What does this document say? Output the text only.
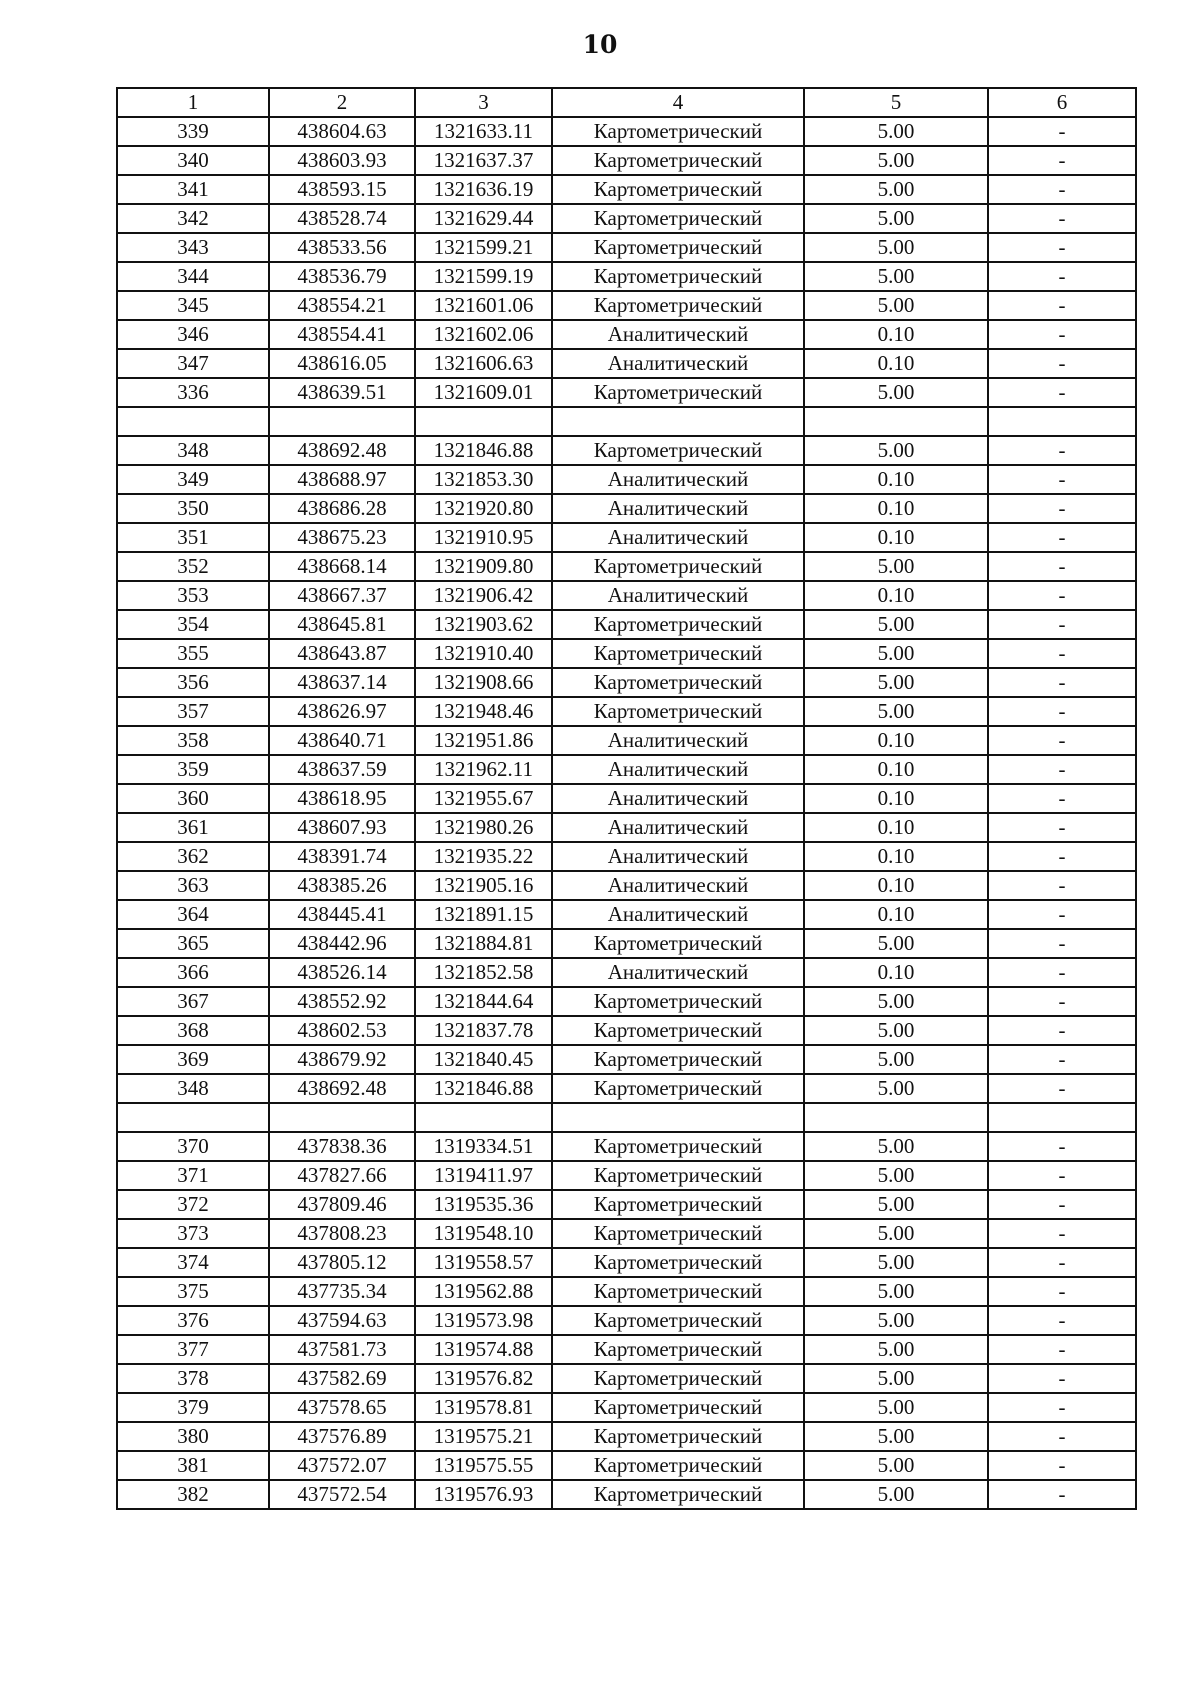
10
1	2	3	4	5	6
339	438604.63	1321633.11	Картометрический	5.00	-
340	438603.93	1321637.37	Картометрический	5.00	-
341	438593.15	1321636.19	Картометрический	5.00	-
342	438528.74	1321629.44	Картометрический	5.00	-
343	438533.56	1321599.21	Картометрический	5.00	-
344	438536.79	1321599.19	Картометрический	5.00	-
345	438554.21	1321601.06	Картометрический	5.00	-
346	438554.41	1321602.06	Аналитический	0.10	-
347	438616.05	1321606.63	Аналитический	0.10	-
336	438639.51	1321609.01	Картометрический	5.00	-

348	438692.48	1321846.88	Картометрический	5.00	-
349	438688.97	1321853.30	Аналитический	0.10	-
350	438686.28	1321920.80	Аналитический	0.10	-
351	438675.23	1321910.95	Аналитический	0.10	-
352	438668.14	1321909.80	Картометрический	5.00	-
353	438667.37	1321906.42	Аналитический	0.10	-
354	438645.81	1321903.62	Картометрический	5.00	-
355	438643.87	1321910.40	Картометрический	5.00	-
356	438637.14	1321908.66	Картометрический	5.00	-
357	438626.97	1321948.46	Картометрический	5.00	-
358	438640.71	1321951.86	Аналитический	0.10	-
359	438637.59	1321962.11	Аналитический	0.10	-
360	438618.95	1321955.67	Аналитический	0.10	-
361	438607.93	1321980.26	Аналитический	0.10	-
362	438391.74	1321935.22	Аналитический	0.10	-
363	438385.26	1321905.16	Аналитический	0.10	-
364	438445.41	1321891.15	Аналитический	0.10	-
365	438442.96	1321884.81	Картометрический	5.00	-
366	438526.14	1321852.58	Аналитический	0.10	-
367	438552.92	1321844.64	Картометрический	5.00	-
368	438602.53	1321837.78	Картометрический	5.00	-
369	438679.92	1321840.45	Картометрический	5.00	-
348	438692.48	1321846.88	Картометрический	5.00	-

370	437838.36	1319334.51	Картометрический	5.00	-
371	437827.66	1319411.97	Картометрический	5.00	-
372	437809.46	1319535.36	Картометрический	5.00	-
373	437808.23	1319548.10	Картометрический	5.00	-
374	437805.12	1319558.57	Картометрический	5.00	-
375	437735.34	1319562.88	Картометрический	5.00	-
376	437594.63	1319573.98	Картометрический	5.00	-
377	437581.73	1319574.88	Картометрический	5.00	-
378	437582.69	1319576.82	Картометрический	5.00	-
379	437578.65	1319578.81	Картометрический	5.00	-
380	437576.89	1319575.21	Картометрический	5.00	-
381	437572.07	1319575.55	Картометрический	5.00	-
382	437572.54	1319576.93	Картометрический	5.00	-
